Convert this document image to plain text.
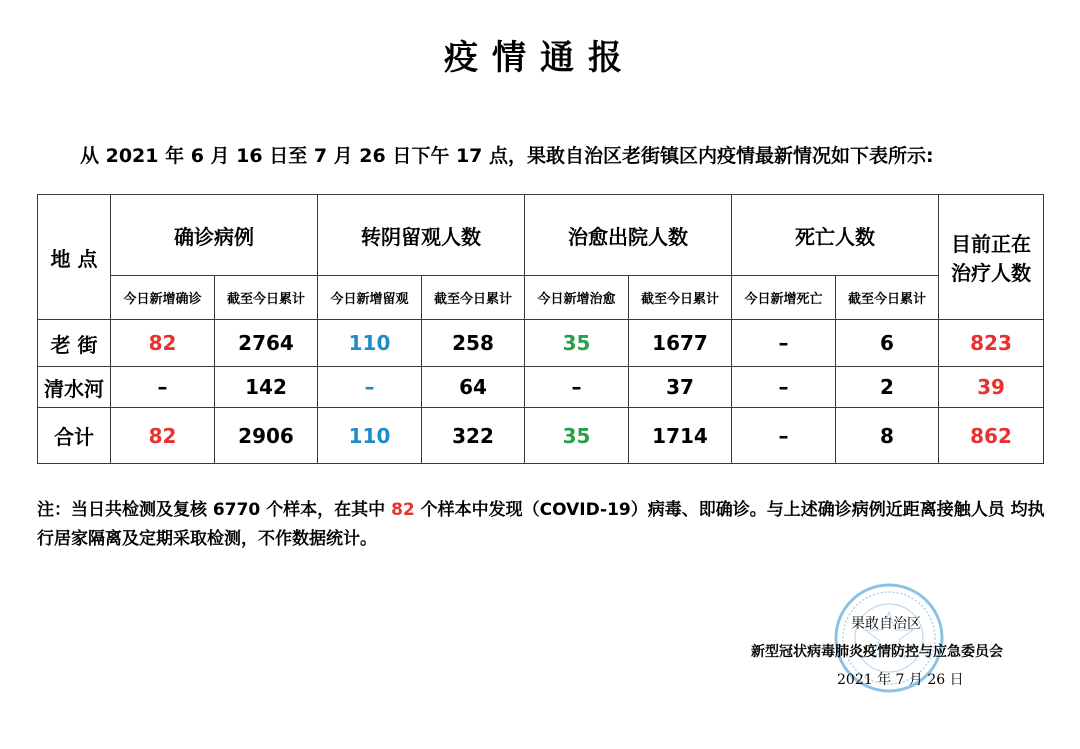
疫情通报
从 2021 年 6 月 16 日至 7 月 26 日下午 17 点，果敢自治区老街镇区内疫情最新情况如下表所示:
地 点	确诊病例		转阴留观人数		治愈出院人数		死亡人数		目前正在
治疗人数

	今日新增确诊	截至今日累计	今日新增留观	截至今日累计	今日新增治愈	截至今日累计	今日新增死亡	截至今日累计	
老 街	82	2764	110	258	35	1677	–	6	823
清水河	–	142	–	64	–	37	–	2	39
合计	82	2906	110	322	35	1714	–	8	862
注：当日共检测及复核 6770 个样本，在其中 82 个样本中发现（COVID-19）病毒、即确诊。与上述确诊病例近距离接触人员 均执行居家隔离及定期采取检测，不作数据统计。
果敢自治区
新型冠状病毒肺炎疫情防控与应急委员会
2021 年 7 月 26 日
